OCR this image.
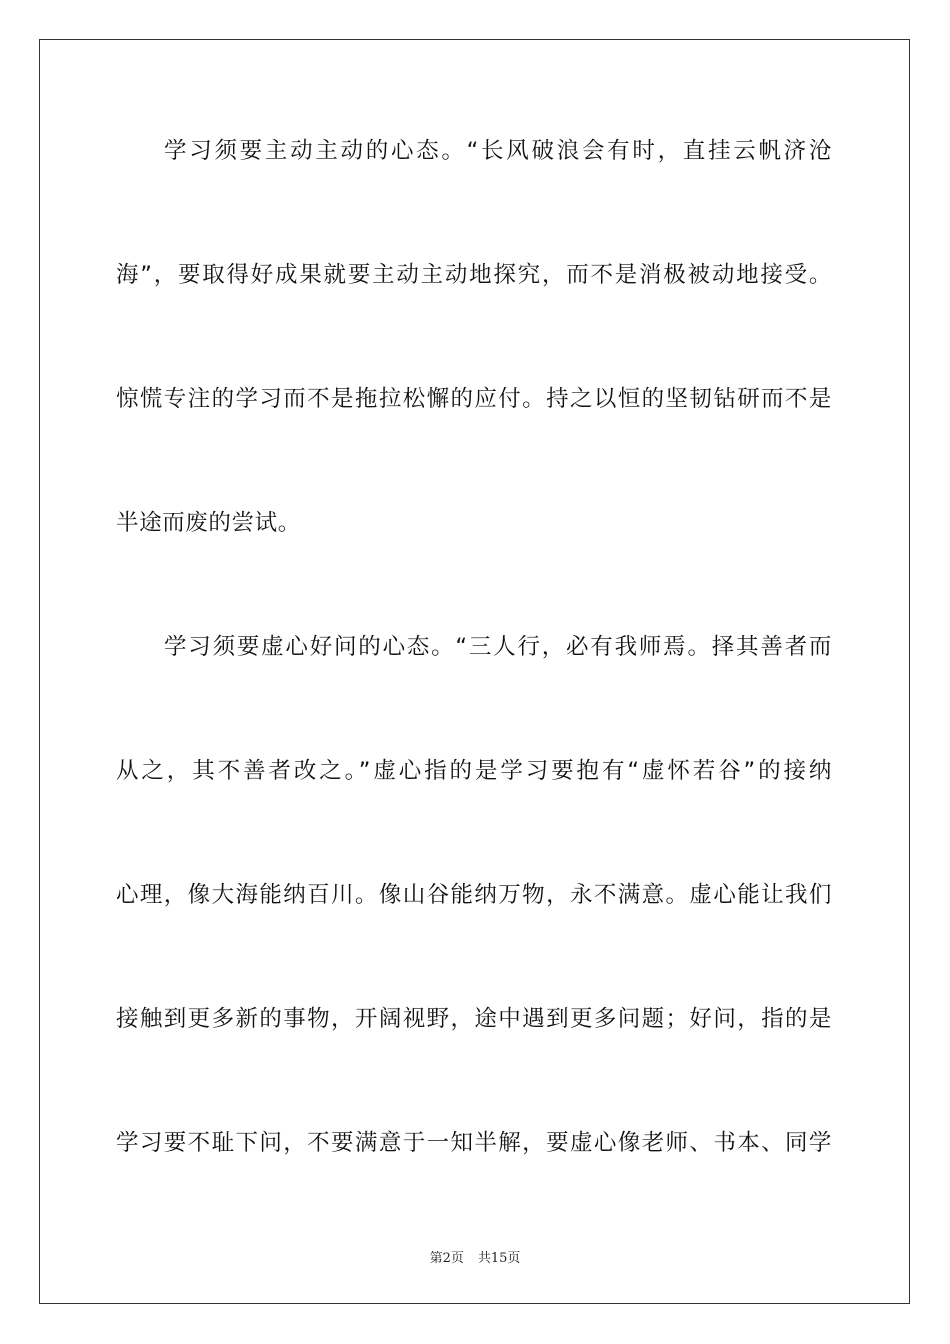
学习须要主动主动的心态。“长风破浪会有时，直挂云帆济沧
海”，要取得好成果就要主动主动地探究，而不是消极被动地接受。
惊慌专注的学习而不是拖拉松懈的应付。持之以恒的坚韧钻研而不是
半途而废的尝试。
学习须要虚心好问的心态。“三人行，必有我师焉。择其善者而
从之，其不善者改之。”虚心指的是学习要抱有“虚怀若谷”的接纳
心理，像大海能纳百川。像山谷能纳万物，永不满意。虚心能让我们
接触到更多新的事物，开阔视野，途中遇到更多问题；好问，指的是
学习要不耻下问，不要满意于一知半解，要虚心像老师、书本、同学
第2页 共15页
